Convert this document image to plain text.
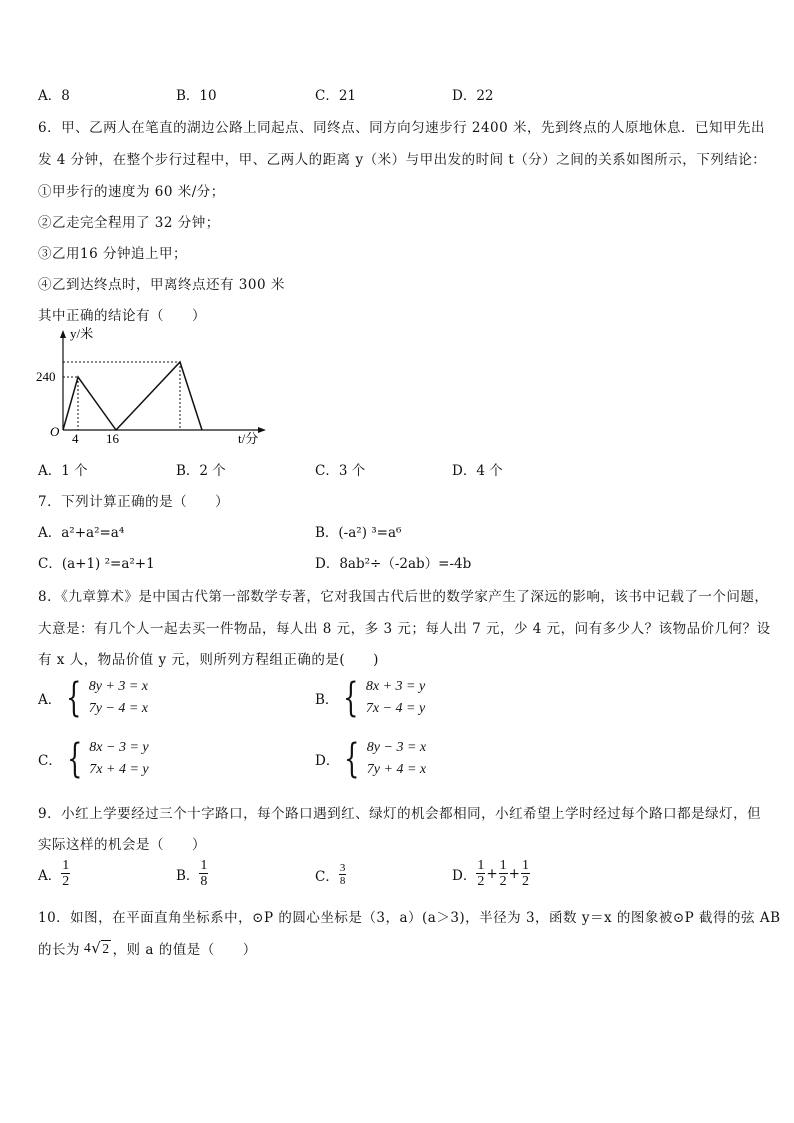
A．8	B．10	C．21	D．22
6．甲、乙两人在笔直的湖边公路上同起点、同终点、同方向匀速步行 2400 米，先到终点的人原地休息．已知甲先出
发 4 分钟，在整个步行过程中，甲、乙两人的距离 y（米）与甲出发的时间 t（分）之间的关系如图所示，下列结论：
①甲步行的速度为 60 米/分；
②乙走完全程用了 32 分钟；
③乙用16 分钟追上甲；
④乙到达终点时，甲离终点还有 300 米
其中正确的结论有（　　）
y/米
240
O 4 16	t/分
A．1 个	B．2 个	C．3 个	D．4 个
7．下列计算正确的是（　　）
A．a²+a²=a⁴	B．(-a²) ³=a⁶
C．(a+1) ²=a²+1	D．8ab²÷（-2ab）=-4b
8．《九章算术》是中国古代第一部数学专著，它对我国古代后世的数学家产生了深远的影响，该书中记载了一个问题，
大意是：有几个人一起去买一件物品，每人出 8 元，多 3 元；每人出 7 元，少 4 元，问有多少人？该物品价几何？设
有 x 人，物品价值 y 元，则所列方程组正确的是(　　)
A． { 8y + 3 = x
7y − 4 = x
B． { 8x + 3 = y
7x − 4 = y
C． { 8x − 3 = y
7x + 4 = y
D． { 8y − 3 = x
7y + 4 = x
9．小红上学要经过三个十字路口，每个路口遇到红、绿灯的机会都相同，小红希望上学时经过每个路口都是绿灯，但
实际这样的机会是（　　）
A． $\frac{1}{2}$	B． $\frac{1}{8}$	C． $\frac{3}{8}$	D． $\frac{1}{2} + \frac{1}{2} + \frac{1}{2}$
10．如图，在平面直角坐标系中，⊙P 的圆心坐标是（3，a）(a＞3)，半径为 3，函数 y＝x 的图象被⊙P 截得的弦 AB
的长为 4 √ 2 ，则 a 的值是（　　）
